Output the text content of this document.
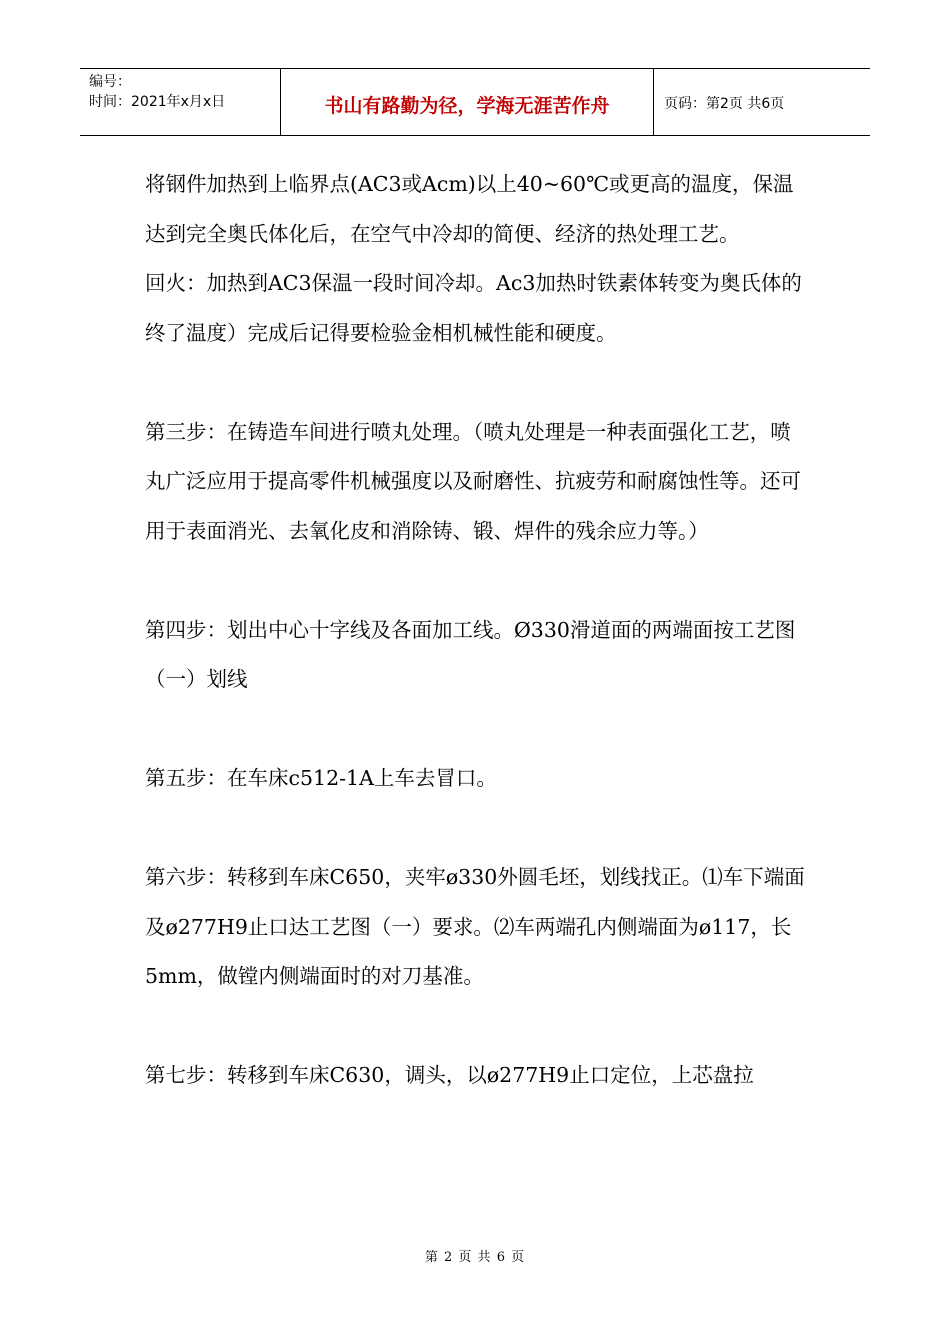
编号：
时间：2021年x月x日	书山有路勤为径，学海无涯苦作舟	页码：第2页 共6页

将钢件加热到上临界点(AC3或Acm)以上40~60℃或更高的温度，保温达到完全奥氏体化后，在空气中冷却的简便、经济的热处理工艺。

回火：加热到AC3保温一段时间冷却。Ac3加热时铁素体转变为奥氏体的终了温度）完成后记得要检验金相机械性能和硬度。

第三步：在铸造车间进行喷丸处理。（喷丸处理是一种表面强化工艺，喷丸广泛应用于提高零件机械强度以及耐磨性、抗疲劳和耐腐蚀性等。还可用于表面消光、去氧化皮和消除铸、锻、焊件的残余应力等。）

第四步：划出中心十字线及各面加工线。Ø330滑道面的两端面按工艺图（一）划线

第五步：在车床c512-1A上车去冒口。

第六步：转移到车床C650，夹牢ø330外圆毛坯，划线找正。⑴车下端面及ø277H9止口达工艺图（一）要求。⑵车两端孔内侧端面为ø117，长5mm，做镗内侧端面时的对刀基准。

第七步：转移到车床C630，调头，以ø277H9止口定位，上芯盘拉

第 2 页 共 6 页
